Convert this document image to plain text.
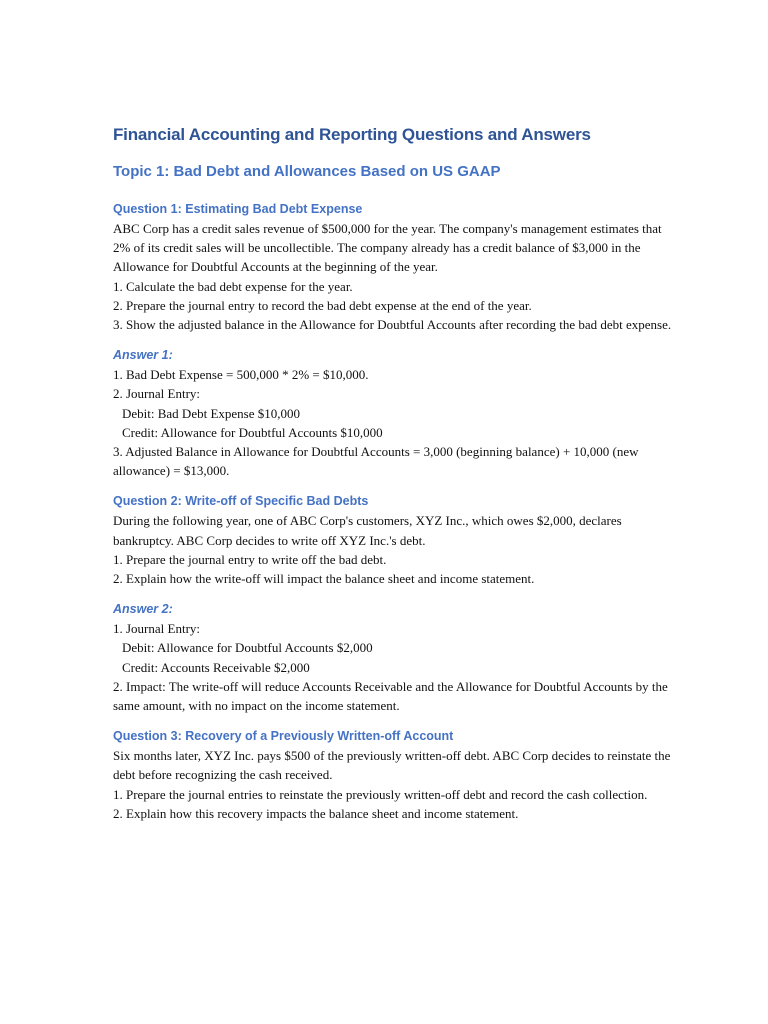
Financial Accounting and Reporting Questions and Answers
Topic 1: Bad Debt and Allowances Based on US GAAP
Question 1: Estimating Bad Debt Expense

ABC Corp has a credit sales revenue of $500,000 for the year. The company's management estimates that 2% of its credit sales will be uncollectible. The company already has a credit balance of $3,000 in the Allowance for Doubtful Accounts at the beginning of the year.

1. Calculate the bad debt expense for the year.

2. Prepare the journal entry to record the bad debt expense at the end of the year.

3. Show the adjusted balance in the Allowance for Doubtful Accounts after recording the bad debt expense.

Answer 1:

1. Bad Debt Expense = 500,000 * 2% = $10,000.

2. Journal Entry:

Debit: Bad Debt Expense $10,000

Credit: Allowance for Doubtful Accounts $10,000

3. Adjusted Balance in Allowance for Doubtful Accounts = 3,000 (beginning balance) + 10,000 (new allowance) = $13,000.

Question 2: Write-off of Specific Bad Debts

During the following year, one of ABC Corp's customers, XYZ Inc., which owes $2,000, declares bankruptcy. ABC Corp decides to write off XYZ Inc.'s debt.

1. Prepare the journal entry to write off the bad debt.

2. Explain how the write-off will impact the balance sheet and income statement.

Answer 2:

1. Journal Entry:

Debit: Allowance for Doubtful Accounts $2,000

Credit: Accounts Receivable $2,000

2. Impact: The write-off will reduce Accounts Receivable and the Allowance for Doubtful Accounts by the same amount, with no impact on the income statement.

Question 3: Recovery of a Previously Written-off Account

Six months later, XYZ Inc. pays $500 of the previously written-off debt. ABC Corp decides to reinstate the debt before recognizing the cash received.

1. Prepare the journal entries to reinstate the previously written-off debt and record the cash collection.

2. Explain how this recovery impacts the balance sheet and income statement.
